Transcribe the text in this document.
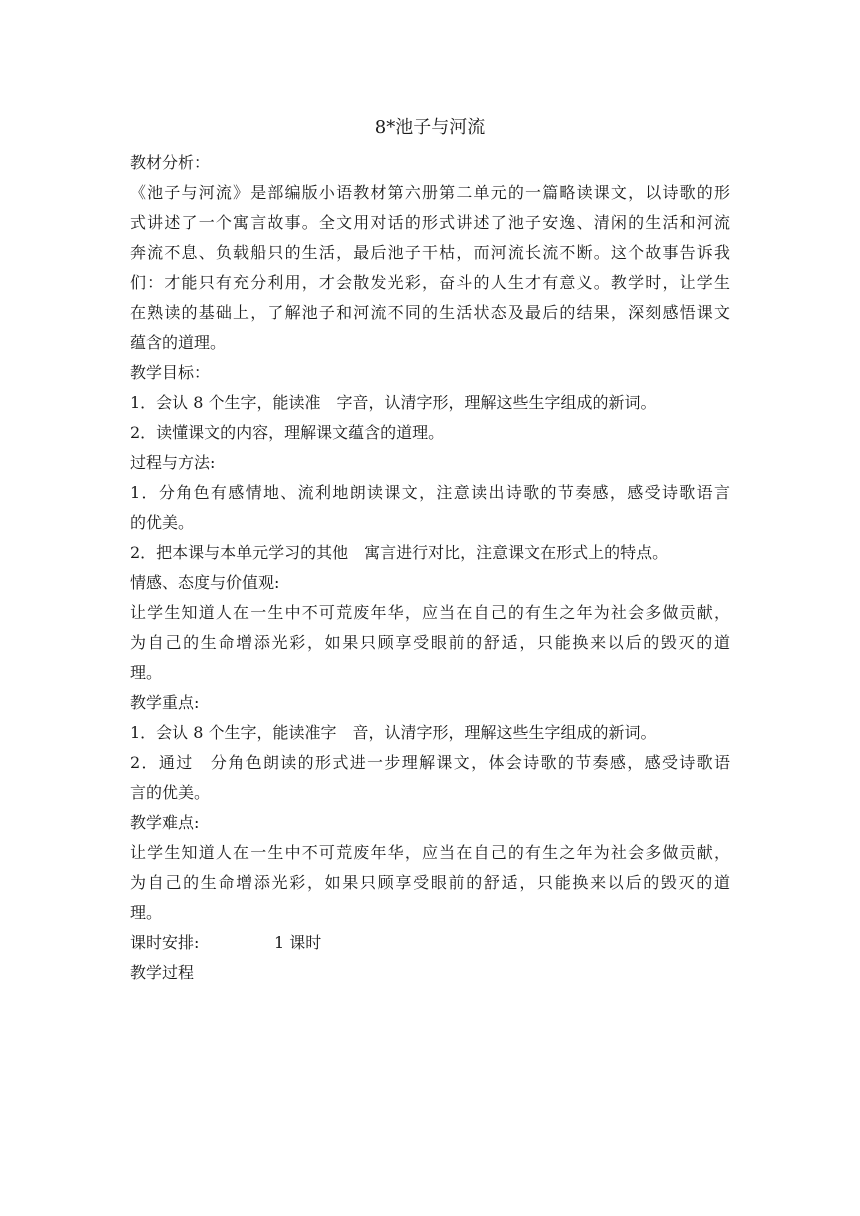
8*池子与河流
教材分析：
《池子与河流》是部编版小语教材第六册第二单元的一篇略读课文，以诗歌的形
式讲述了一个寓言故事。全文用对话的形式讲述了池子安逸、清闲的生活和河流
奔流不息、负载船只的生活，最后池子干枯，而河流长流不断。这个故事告诉我
们：才能只有充分利用，才会散发光彩，奋斗的人生才有意义。教学时，让学生
在熟读的基础上，了解池子和河流不同的生活状态及最后的结果，深刻感悟课文
蕴含的道理。
教学目标：
1．会认 8 个生字，能读准　字音，认清字形，理解这些生字组成的新词。
2．读懂课文的内容，理解课文蕴含的道理。
过程与方法:
1．分角色有感情地、流利地朗读课文，注意读出诗歌的节奏感，感受诗歌语言
的优美。
2．把本课与本单元学习的其他　寓言进行对比，注意课文在形式上的特点。
情感、态度与价值观:
让学生知道人在一生中不可荒废年华，应当在自己的有生之年为社会多做贡献，
为自己的生命增添光彩，如果只顾享受眼前的舒适，只能换来以后的毁灭的道
理。
教学重点:
1．会认 8 个生字，能读准字　音，认清字形，理解这些生字组成的新词。
2．通过　分角色朗读的形式进一步理解课文，体会诗歌的节奏感，感受诗歌语
言的优美。
教学难点:
让学生知道人在一生中不可荒废年华，应当在自己的有生之年为社会多做贡献，
为自己的生命增添光彩，如果只顾享受眼前的舒适，只能换来以后的毁灭的道
理。
课时安排:	1 课时
教学过程
